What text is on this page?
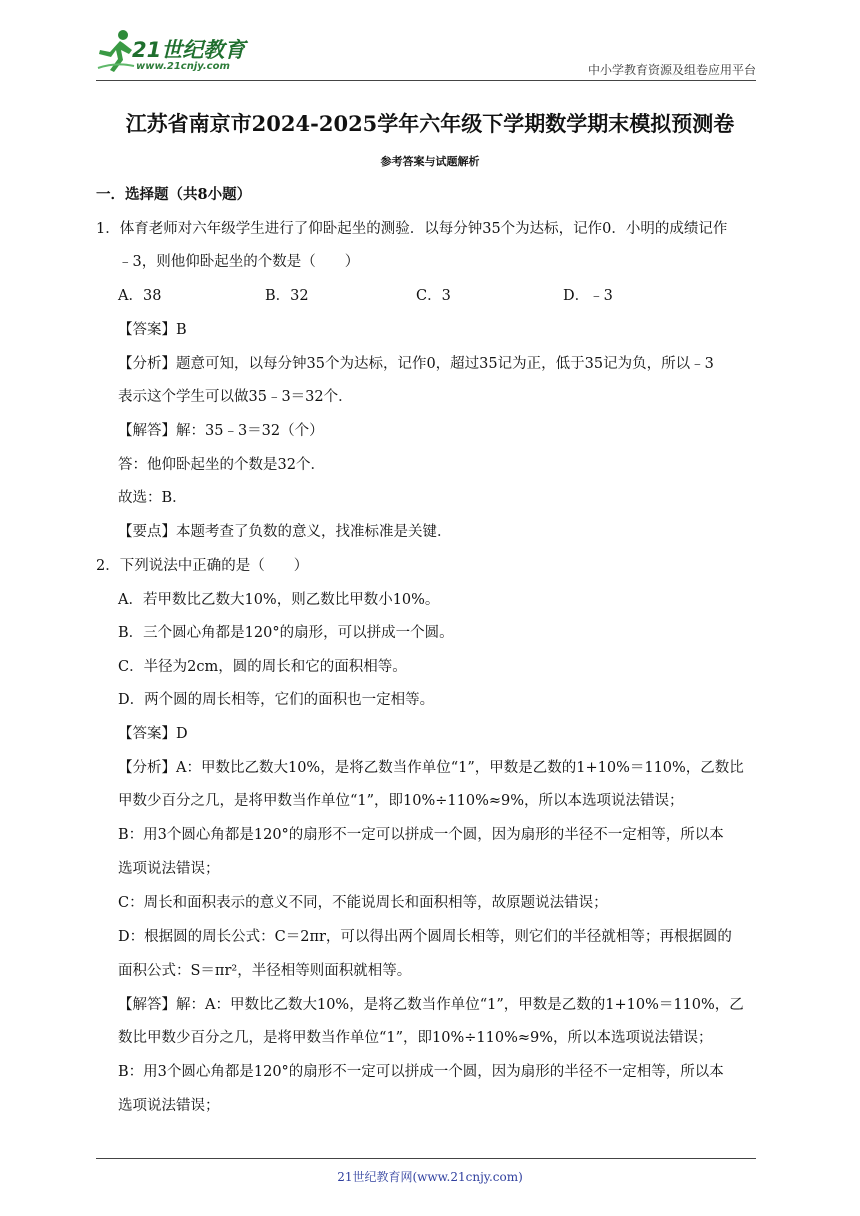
21世纪教育
www.21cnjy.com	中小学教育资源及组卷应用平台
江苏省南京市2024-2025学年六年级下学期数学期末模拟预测卷
参考答案与试题解析
一．选择题（共8小题）
1．体育老师对六年级学生进行了仰卧起坐的测验．以每分钟35个为达标，记作0．小明的成绩记作
﹣3，则他仰卧起坐的个数是（　　）
A．38	B．32	C．3	D．﹣3
【答案】B
【分析】题意可知，以每分钟35个为达标，记作0，超过35记为正，低于35记为负，所以﹣3
表示这个学生可以做35﹣3＝32个．
【解答】解：35﹣3＝32（个）
答：他仰卧起坐的个数是32个．
故选：B．
【要点】本题考查了负数的意义，找准标准是关键．
2．下列说法中正确的是（　　）
A．若甲数比乙数大10%，则乙数比甲数小10%。
B．三个圆心角都是120°的扇形，可以拼成一个圆。
C．半径为2cm，圆的周长和它的面积相等。
D．两个圆的周长相等，它们的面积也一定相等。
【答案】D
【分析】A：甲数比乙数大10%，是将乙数当作单位“1”，甲数是乙数的1+10%＝110%，乙数比
甲数少百分之几，是将甲数当作单位“1”，即10%÷110%≈9%，所以本选项说法错误；
B：用3个圆心角都是120°的扇形不一定可以拼成一个圆，因为扇形的半径不一定相等，所以本
选项说法错误；
C：周长和面积表示的意义不同，不能说周长和面积相等，故原题说法错误；
D：根据圆的周长公式：C＝2πr，可以得出两个圆周长相等，则它们的半径就相等；再根据圆的
面积公式：S＝πr²，半径相等则面积就相等。
【解答】解：A：甲数比乙数大10%，是将乙数当作单位“1”，甲数是乙数的1+10%＝110%，乙
数比甲数少百分之几，是将甲数当作单位“1”，即10%÷110%≈9%，所以本选项说法错误；
B：用3个圆心角都是120°的扇形不一定可以拼成一个圆，因为扇形的半径不一定相等，所以本
选项说法错误；
21世纪教育网(www.21cnjy.com)
